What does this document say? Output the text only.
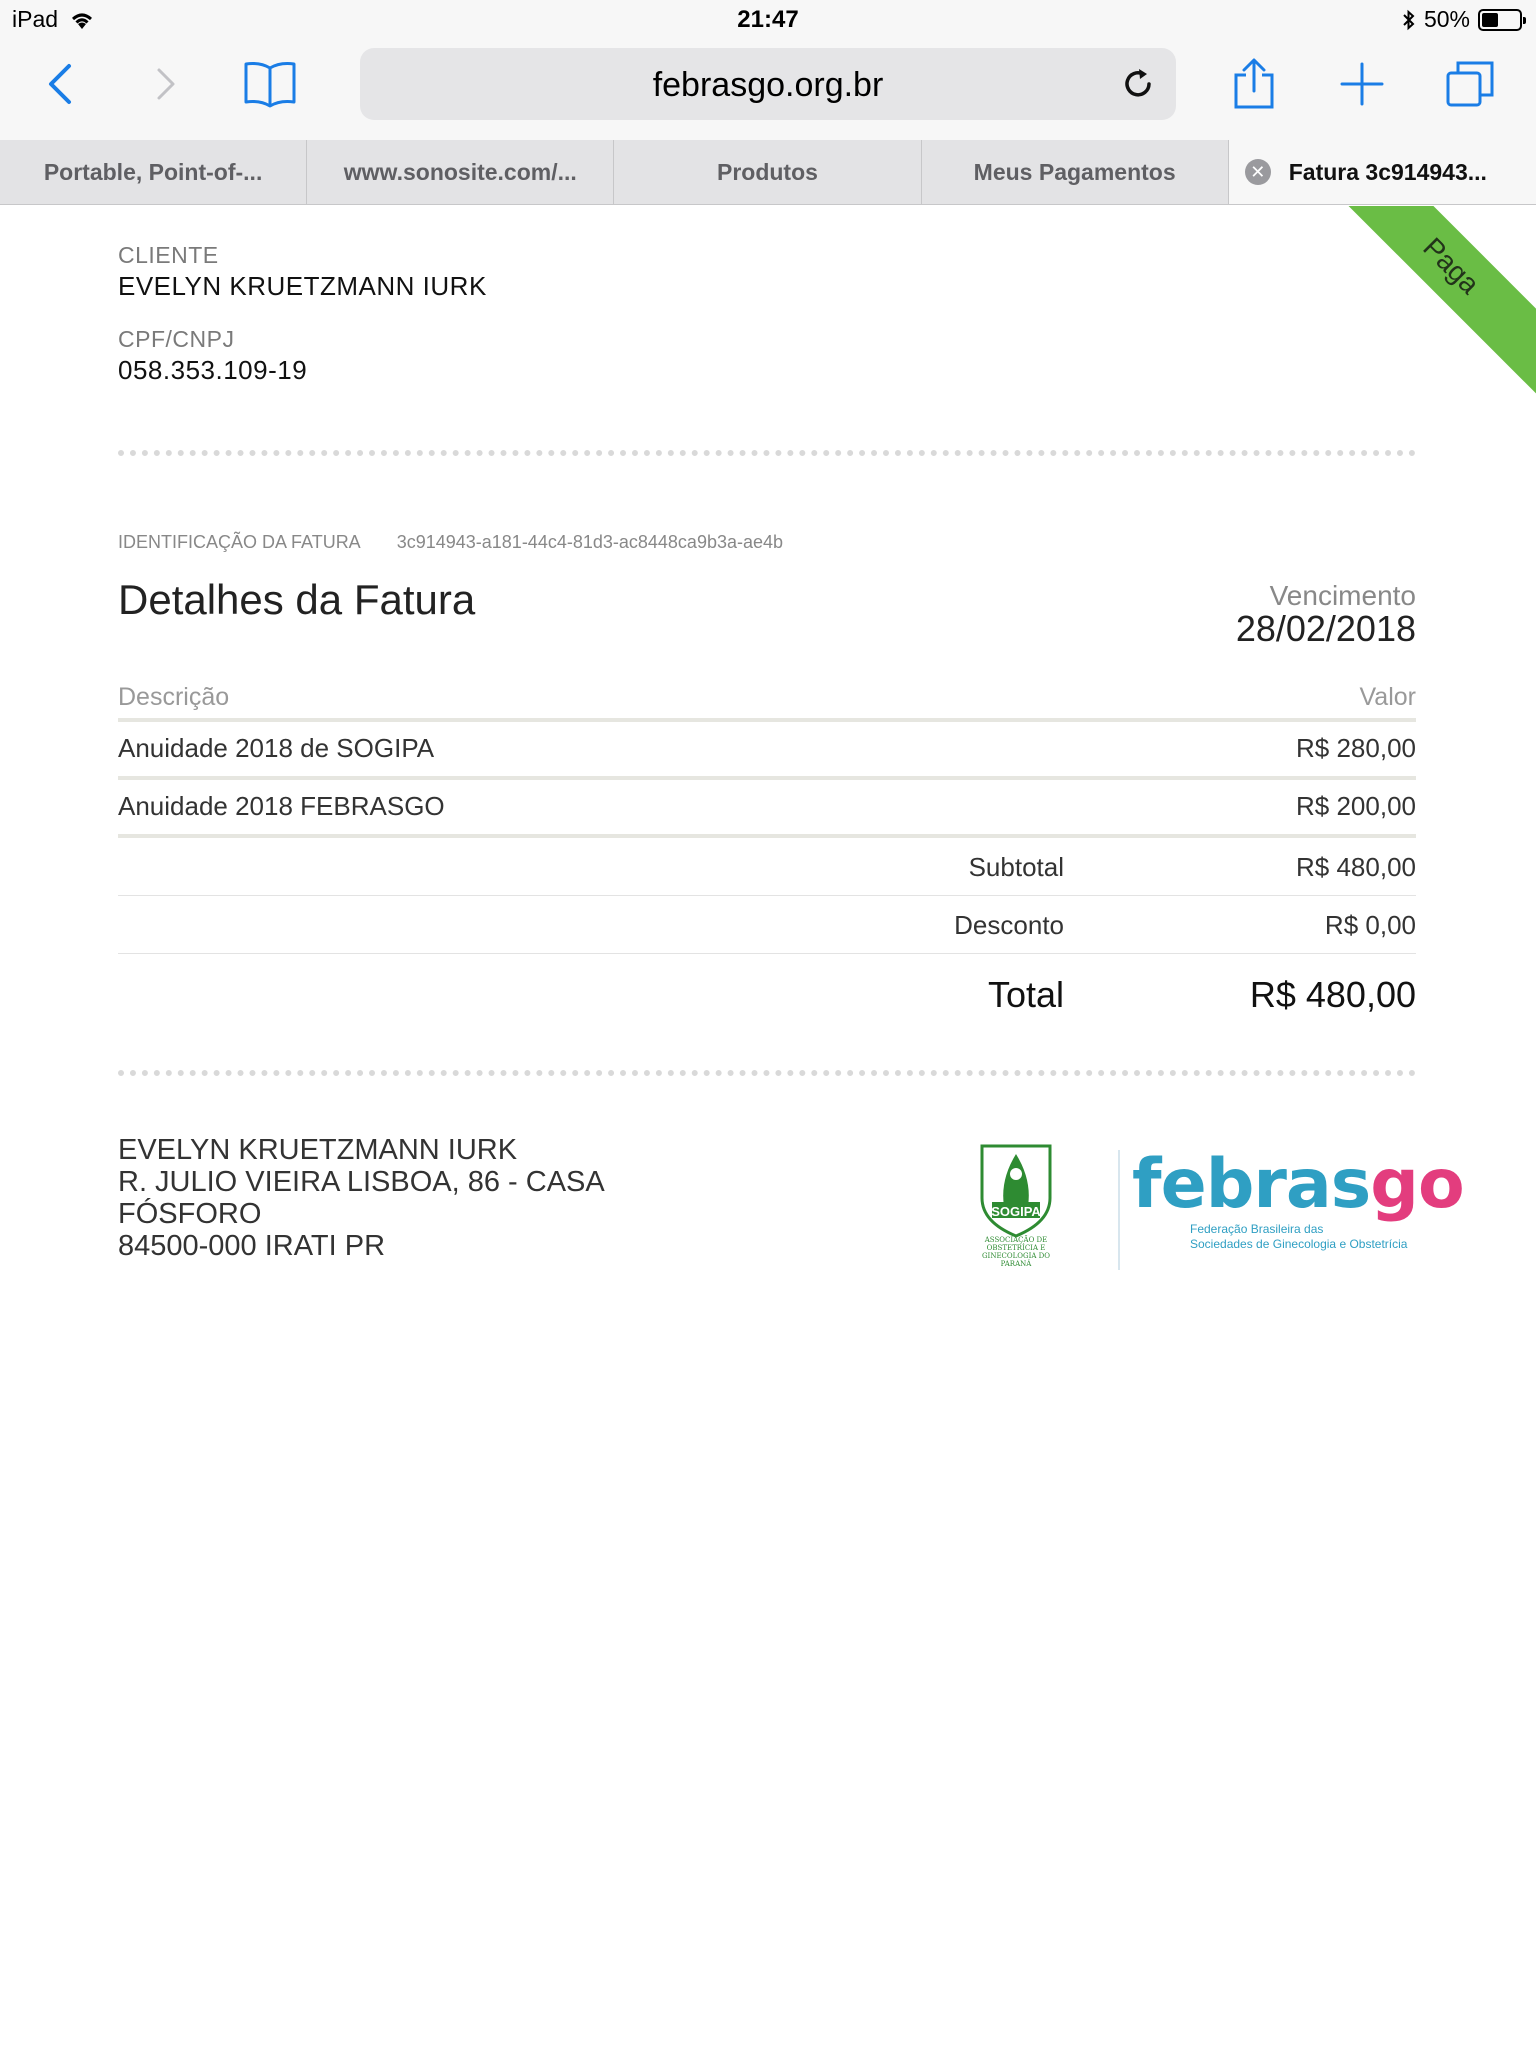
iPad	21:47	50%
febrasgo.org.br
Portable, Point-of-...	www.sonosite.com/...	Produtos	Meus Pagamentos	✕ Fatura 3c914943...
Paga
CLIENTE
EVELYN KRUETZMANN IURK
CPF/CNPJ
058.353.109-19
IDENTIFICAÇÃO DA FATURA 3c914943-a181-44c4-81d3-ac8448ca9b3a-ae4b
Detalhes da Fatura	Vencimento
28/02/2018
Descrição	Valor
Anuidade 2018 de SOGIPA	R$ 280,00
Anuidade 2018 FEBRASGO	R$ 200,00
Subtotal	R$ 480,00
Desconto	R$ 0,00
Total	R$ 480,00
EVELYN KRUETZMANN IURK
R. JULIO VIEIRA LISBOA, 86 - CASA
FÓSFORO
84500-000 IRATI PR
SOGIPA
ASSOCIAÇÃO DE OBSTETRÍCIA E GINECOLOGIA DO PARANÁ
febrasgo
Federação Brasileira das
Sociedades de Ginecologia e Obstetrícia
